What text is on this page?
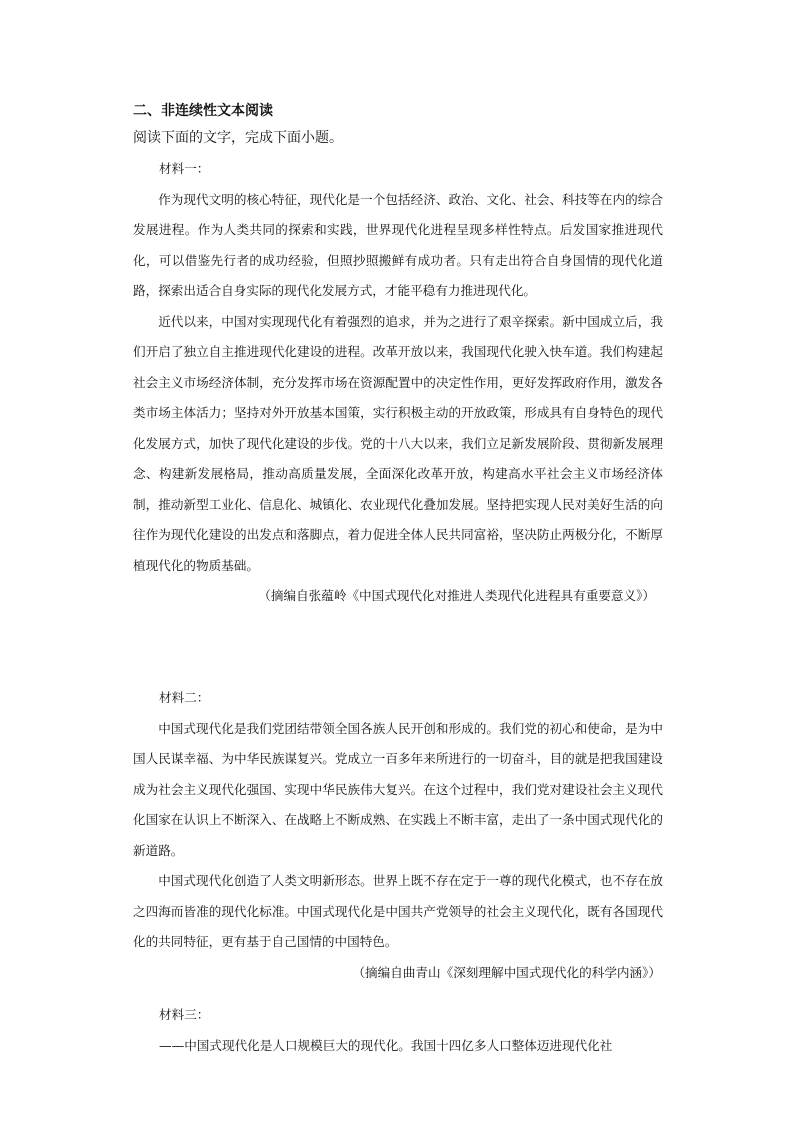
二、非连续性文本阅读
阅读下面的文字，完成下面小题。

材料一：

作为现代文明的核心特征，现代化是一个包括经济、政治、文化、社会、科技等在内的综合发展进程。作为人类共同的探索和实践，世界现代化进程呈现多样性特点。后发国家推进现代化，可以借鉴先行者的成功经验，但照抄照搬鲜有成功者。只有走出符合自身国情的现代化道路，探索出适合自身实际的现代化发展方式，才能平稳有力推进现代化。

近代以来，中国对实现现代化有着强烈的追求，并为之进行了艰辛探索。新中国成立后，我们开启了独立自主推进现代化建设的进程。改革开放以来，我国现代化驶入快车道。我们构建起社会主义市场经济体制，充分发挥市场在资源配置中的决定性作用，更好发挥政府作用，激发各类市场主体活力；坚持对外开放基本国策，实行积极主动的开放政策，形成具有自身特色的现代化发展方式，加快了现代化建设的步伐。党的十八大以来，我们立足新发展阶段、贯彻新发展理念、构建新发展格局，推动高质量发展，全面深化改革开放，构建高水平社会主义市场经济体制，推动新型工业化、信息化、城镇化、农业现代化叠加发展。坚持把实现人民对美好生活的向往作为现代化建设的出发点和落脚点，着力促进全体人民共同富裕，坚决防止两极分化，不断厚植现代化的物质基础。

（摘编自张蕴岭《中国式现代化对推进人类现代化进程具有重要意义》）

材料二：

中国式现代化是我们党团结带领全国各族人民开创和形成的。我们党的初心和使命，是为中国人民谋幸福、为中华民族谋复兴。党成立一百多年来所进行的一切奋斗，目的就是把我国建设成为社会主义现代化强国、实现中华民族伟大复兴。在这个过程中，我们党对建设社会主义现代化国家在认识上不断深入、在战略上不断成熟、在实践上不断丰富，走出了一条中国式现代化的新道路。

中国式现代化创造了人类文明新形态。世界上既不存在定于一尊的现代化模式，也不存在放之四海而皆准的现代化标准。中国式现代化是中国共产党领导的社会主义现代化，既有各国现代化的共同特征，更有基于自己国情的中国特色。

（摘编自曲青山《深刻理解中国式现代化的科学内涵》）

材料三：

——中国式现代化是人口规模巨大的现代化。我国十四亿多人口整体迈进现代化社
